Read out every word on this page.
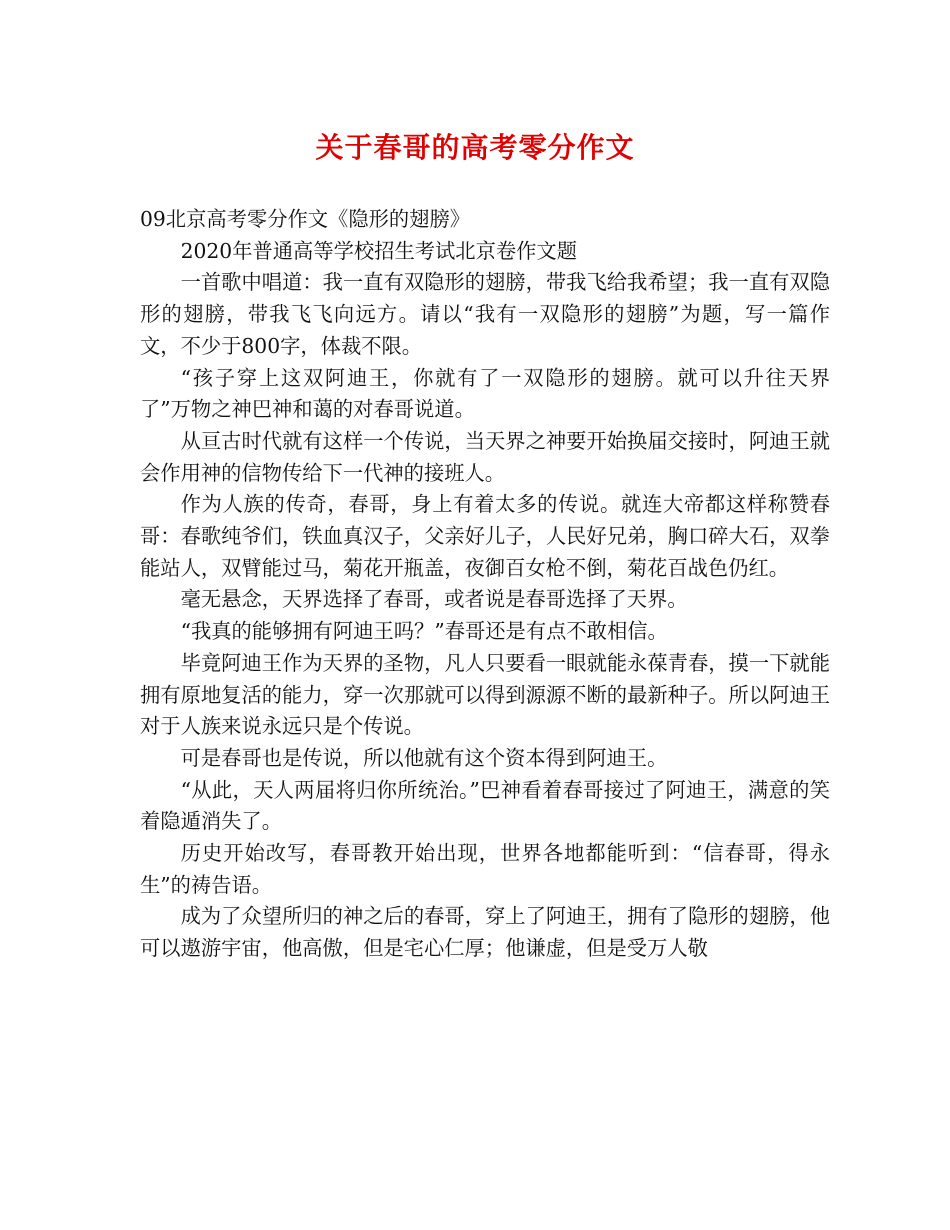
关于春哥的高考零分作文

09北京高考零分作文《隐形的翅膀》

2020年普通高等学校招生考试北京卷作文题

一首歌中唱道：我一直有双隐形的翅膀，带我飞给我希望；我一直有双隐形的翅膀，带我飞飞向远方。请以“我有一双隐形的翅膀”为题，写一篇作文，不少于800字，体裁不限。

“孩子穿上这双阿迪王，你就有了一双隐形的翅膀。就可以升往天界了”万物之神巴神和蔼的对春哥说道。

从亘古时代就有这样一个传说，当天界之神要开始换届交接时，阿迪王就会作用神的信物传给下一代神的接班人。

作为人族的传奇，春哥，身上有着太多的传说。就连大帝都这样称赞春哥：春歌纯爷们，铁血真汉子，父亲好儿子，人民好兄弟，胸口碎大石，双拳能站人，双臂能过马，菊花开瓶盖，夜御百女枪不倒，菊花百战色仍红。

毫无悬念，天界选择了春哥，或者说是春哥选择了天界。

“我真的能够拥有阿迪王吗？”春哥还是有点不敢相信。

毕竟阿迪王作为天界的圣物，凡人只要看一眼就能永葆青春，摸一下就能拥有原地复活的能力，穿一次那就可以得到源源不断的最新种子。所以阿迪王对于人族来说永远只是个传说。

可是春哥也是传说，所以他就有这个资本得到阿迪王。

“从此，天人两届将归你所统治。”巴神看着春哥接过了阿迪王，满意的笑着隐遁消失了。

历史开始改写，春哥教开始出现，世界各地都能听到：“信春哥，得永生”的祷告语。

成为了众望所归的神之后的春哥，穿上了阿迪王，拥有了隐形的翅膀，他可以遨游宇宙，他高傲，但是宅心仁厚；他谦虚，但是受万人敬
